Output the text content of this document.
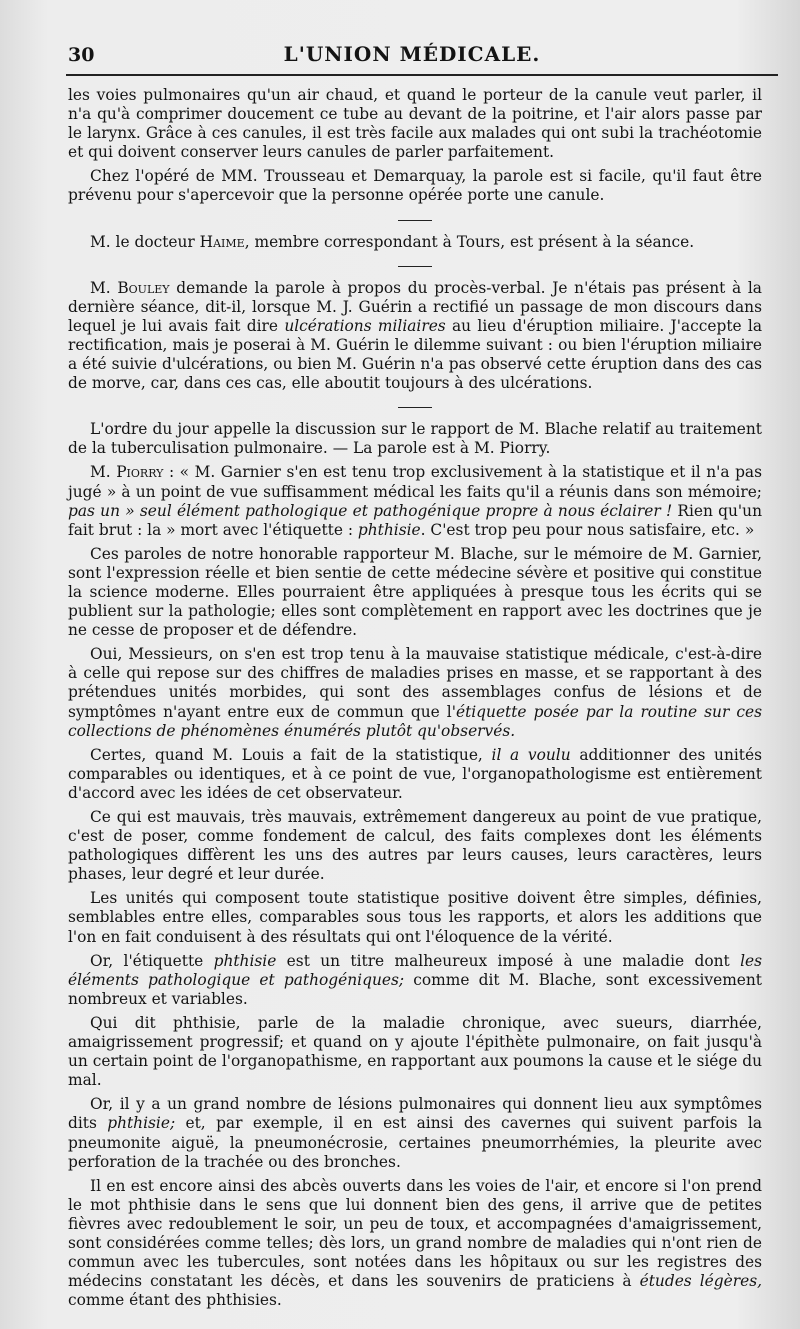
30	L'UNION MÉDICALE.

les voies pulmonaires qu'un air chaud, et quand le porteur de la canule veut parler, il n'a qu'à comprimer doucement ce tube au devant de la poitrine, et l'air alors passe par le larynx. Grâce à ces canules, il est très facile aux malades qui ont subi la trachéotomie et qui doivent conserver leurs canules de parler parfaitement.

Chez l'opéré de MM. Trousseau et Demarquay, la parole est si facile, qu'il faut être prévenu pour s'apercevoir que la personne opérée porte une canule.

M. le docteur Haime, membre correspondant à Tours, est présent à la séance.

M. Bouley demande la parole à propos du procès-verbal. Je n'étais pas présent à la dernière séance, dit-il, lorsque M. J. Guérin a rectifié un passage de mon discours dans lequel je lui avais fait dire ulcérations miliaires au lieu d'éruption miliaire. J'accepte la rectification, mais je poserai à M. Guérin le dilemme suivant : ou bien l'éruption miliaire a été suivie d'ulcérations, ou bien M. Guérin n'a pas observé cette éruption dans des cas de morve, car, dans ces cas, elle aboutit toujours à des ulcérations.

L'ordre du jour appelle la discussion sur le rapport de M. Blache relatif au traitement de la tuberculisation pulmonaire. — La parole est à M. Piorry.

M. Piorry : « M. Garnier s'en est tenu trop exclusivement à la statistique et il n'a pas jugé » à un point de vue suffisamment médical les faits qu'il a réunis dans son mémoire; pas un » seul élément pathologique et pathogénique propre à nous éclairer ! Rien qu'un fait brut : la » mort avec l'étiquette : phthisie. C'est trop peu pour nous satisfaire, etc. »

Ces paroles de notre honorable rapporteur M. Blache, sur le mémoire de M. Garnier, sont l'expression réelle et bien sentie de cette médecine sévère et positive qui constitue la science moderne. Elles pourraient être appliquées à presque tous les écrits qui se publient sur la pathologie; elles sont complètement en rapport avec les doctrines que je ne cesse de proposer et de défendre.

Oui, Messieurs, on s'en est trop tenu à la mauvaise statistique médicale, c'est-à-dire à celle qui repose sur des chiffres de maladies prises en masse, et se rapportant à des prétendues unités morbides, qui sont des assemblages confus de lésions et de symptômes n'ayant entre eux de commun que l'étiquette posée par la routine sur ces collections de phénomènes énumérés plutôt qu'observés.

Certes, quand M. Louis a fait de la statistique, il a voulu additionner des unités comparables ou identiques, et à ce point de vue, l'organopathologisme est entièrement d'accord avec les idées de cet observateur.

Ce qui est mauvais, très mauvais, extrêmement dangereux au point de vue pratique, c'est de poser, comme fondement de calcul, des faits complexes dont les éléments pathologiques diffèrent les uns des autres par leurs causes, leurs caractères, leurs phases, leur degré et leur durée.

Les unités qui composent toute statistique positive doivent être simples, définies, semblables entre elles, comparables sous tous les rapports, et alors les additions que l'on en fait conduisent à des résultats qui ont l'éloquence de la vérité.

Or, l'étiquette phthisie est un titre malheureux imposé à une maladie dont les éléments pathologique et pathogéniques; comme dit M. Blache, sont excessivement nombreux et variables.

Qui dit phthisie, parle de la maladie chronique, avec sueurs, diarrhée, amaigrissement progressif; et quand on y ajoute l'épithète pulmonaire, on fait jusqu'à un certain point de l'organopathisme, en rapportant aux poumons la cause et le siége du mal.

Or, il y a un grand nombre de lésions pulmonaires qui donnent lieu aux symptômes dits phthisie; et, par exemple, il en est ainsi des cavernes qui suivent parfois la pneumonite aiguë, la pneumonécrosie, certaines pneumorrhémies, la pleurite avec perforation de la trachée ou des bronches.

Il en est encore ainsi des abcès ouverts dans les voies de l'air, et encore si l'on prend le mot phthisie dans le sens que lui donnent bien des gens, il arrive que de petites fièvres avec redoublement le soir, un peu de toux, et accompagnées d'amaigrissement, sont considérées comme telles; dès lors, un grand nombre de maladies qui n'ont rien de commun avec les tubercules, sont notées dans les hôpitaux ou sur les registres des médecins constatant les décès, et dans les souvenirs de praticiens à études légères, comme étant des phthisies.
